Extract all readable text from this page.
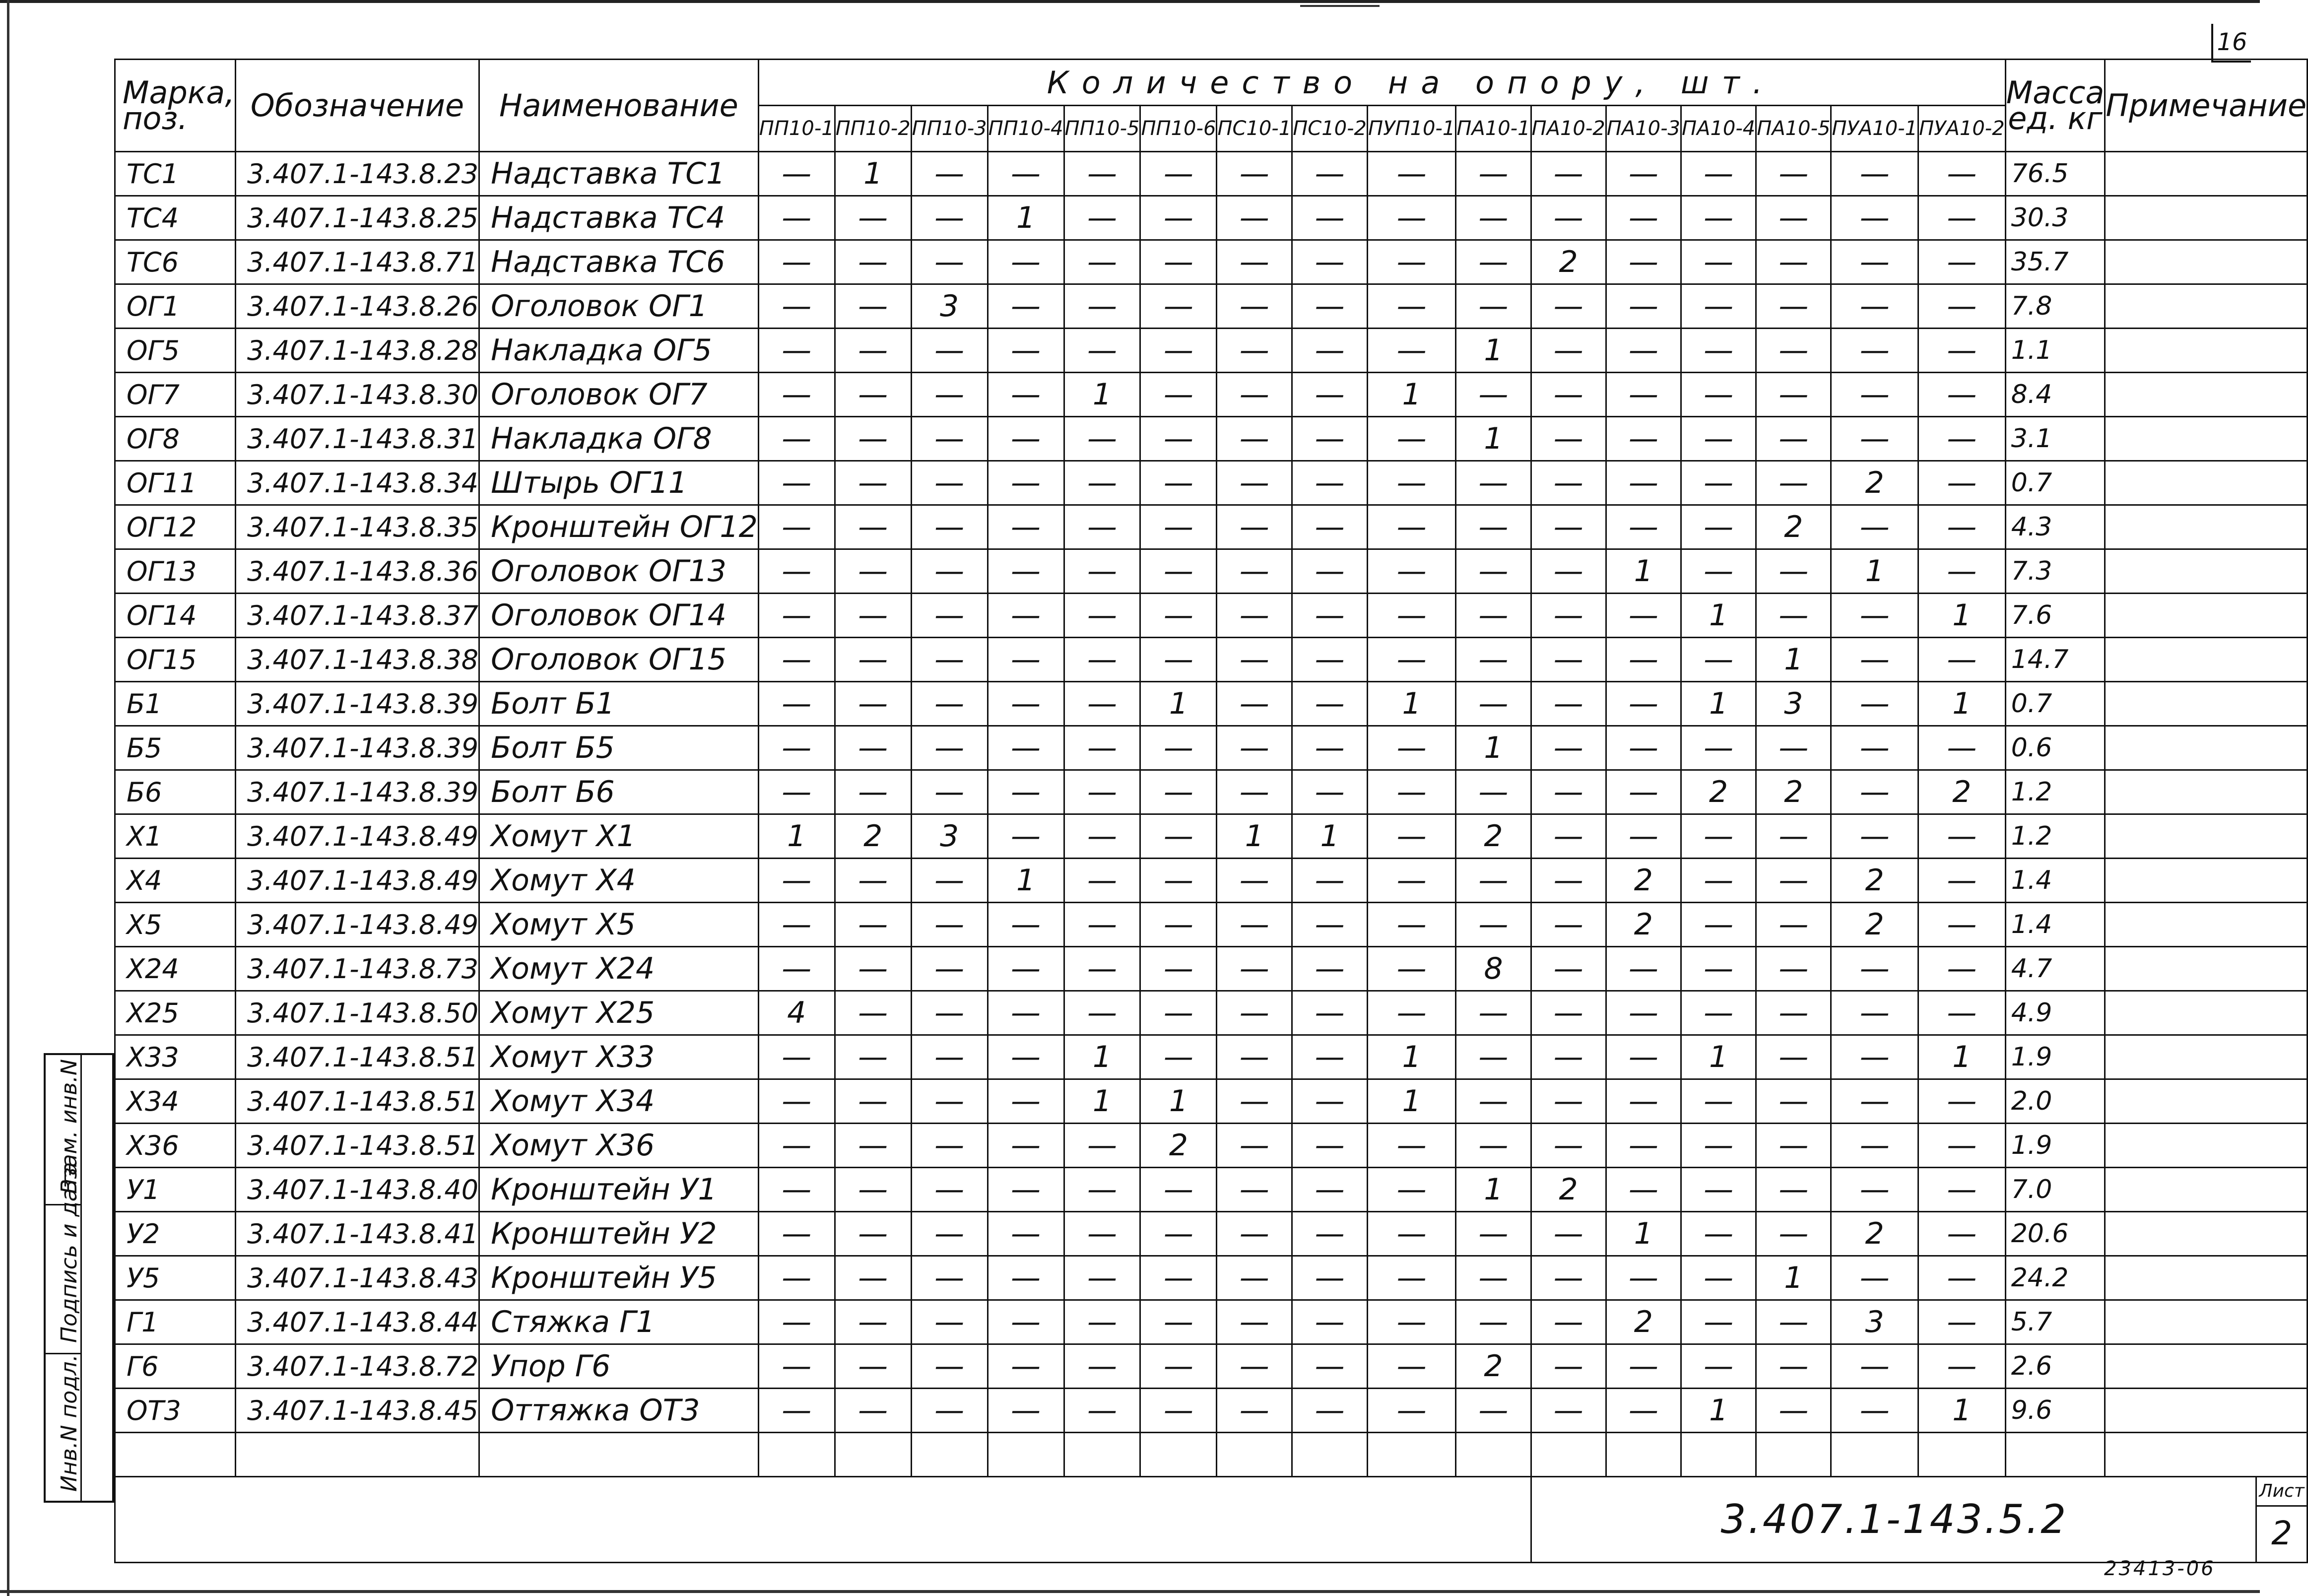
16
Марка, поз.	Обозначение	Наименование	Количество на опору, шт.																Масса ед. кг	Примечание
			ПП10-1	ПП10-2	ПП10-3	ПП10-4	ПП10-5	ПП10-6	ПС10-1	ПС10-2	ПУП10-1	ПА10-1	ПА10-2	ПА10-3	ПА10-4	ПА10-5	ПУА10-1	ПУА10-2		
ТС1	3.407.1-143.8.23	Надставка ТС1	—	1	—	—	—	—	—	—	—	—	—	—	—	—	—	—	76.5	
ТС4	3.407.1-143.8.25	Надставка ТС4	—	—	—	1	—	—	—	—	—	—	—	—	—	—	—	—	30.3	
ТС6	3.407.1-143.8.71	Надставка ТС6	—	—	—	—	—	—	—	—	—	—	2	—	—	—	—	—	35.7	
ОГ1	3.407.1-143.8.26	Оголовок ОГ1	—	—	3	—	—	—	—	—	—	—	—	—	—	—	—	—	7.8	
ОГ5	3.407.1-143.8.28	Накладка ОГ5	—	—	—	—	—	—	—	—	—	1	—	—	—	—	—	—	1.1	
ОГ7	3.407.1-143.8.30	Оголовок ОГ7	—	—	—	—	1	—	—	—	1	—	—	—	—	—	—	—	8.4	
ОГ8	3.407.1-143.8.31	Накладка ОГ8	—	—	—	—	—	—	—	—	—	1	—	—	—	—	—	—	3.1	
ОГ11	3.407.1-143.8.34	Штырь ОГ11	—	—	—	—	—	—	—	—	—	—	—	—	—	—	2	—	0.7	
ОГ12	3.407.1-143.8.35	Кронштейн ОГ12	—	—	—	—	—	—	—	—	—	—	—	—	—	2	—	—	4.3	
ОГ13	3.407.1-143.8.36	Оголовок ОГ13	—	—	—	—	—	—	—	—	—	—	—	1	—	—	1	—	7.3	
ОГ14	3.407.1-143.8.37	Оголовок ОГ14	—	—	—	—	—	—	—	—	—	—	—	—	1	—	—	1	7.6	
ОГ15	3.407.1-143.8.38	Оголовок ОГ15	—	—	—	—	—	—	—	—	—	—	—	—	—	1	—	—	14.7	
Б1	3.407.1-143.8.39	Болт Б1	—	—	—	—	—	1	—	—	1	—	—	—	1	3	—	1	0.7	
Б5	3.407.1-143.8.39	Болт Б5	—	—	—	—	—	—	—	—	—	1	—	—	—	—	—	—	0.6	
Б6	3.407.1-143.8.39	Болт Б6	—	—	—	—	—	—	—	—	—	—	—	—	2	2	—	2	1.2	
Х1	3.407.1-143.8.49	Хомут Х1	1	2	3	—	—	—	1	1	—	2	—	—	—	—	—	—	1.2	
Х4	3.407.1-143.8.49	Хомут Х4	—	—	—	1	—	—	—	—	—	—	—	2	—	—	2	—	1.4	
Х5	3.407.1-143.8.49	Хомут Х5	—	—	—	—	—	—	—	—	—	—	—	2	—	—	2	—	1.4	
Х24	3.407.1-143.8.73	Хомут Х24	—	—	—	—	—	—	—	—	—	8	—	—	—	—	—	—	4.7	
Х25	3.407.1-143.8.50	Хомут Х25	4	—	—	—	—	—	—	—	—	—	—	—	—	—	—	—	4.9	
Х33	3.407.1-143.8.51	Хомут Х33	—	—	—	—	1	—	—	—	1	—	—	—	1	—	—	1	1.9	
Х34	3.407.1-143.8.51	Хомут Х34	—	—	—	—	1	1	—	—	1	—	—	—	—	—	—	—	2.0	
Х36	3.407.1-143.8.51	Хомут Х36	—	—	—	—	—	2	—	—	—	—	—	—	—	—	—	—	1.9	
У1	3.407.1-143.8.40	Кронштейн У1	—	—	—	—	—	—	—	—	—	1	2	—	—	—	—	—	7.0	
У2	3.407.1-143.8.41	Кронштейн У2	—	—	—	—	—	—	—	—	—	—	—	1	—	—	2	—	20.6	
У5	3.407.1-143.8.43	Кронштейн У5	—	—	—	—	—	—	—	—	—	—	—	—	—	1	—	—	24.2	
Г1	3.407.1-143.8.44	Стяжка Г1	—	—	—	—	—	—	—	—	—	—	—	2	—	—	3	—	5.7	
Г6	3.407.1-143.8.72	Упор Г6	—	—	—	—	—	—	—	—	—	2	—	—	—	—	—	—	2.6	
ОТ3	3.407.1-143.8.45	Оттяжка ОТ3	—	—	—	—	—	—	—	—	—	—	—	—	1	—	—	1	9.6	

													3.407.1-143.5.2
Лист
2							
Инв.N подл.
Подпись и дата
Взам. инв.N
23413-06
